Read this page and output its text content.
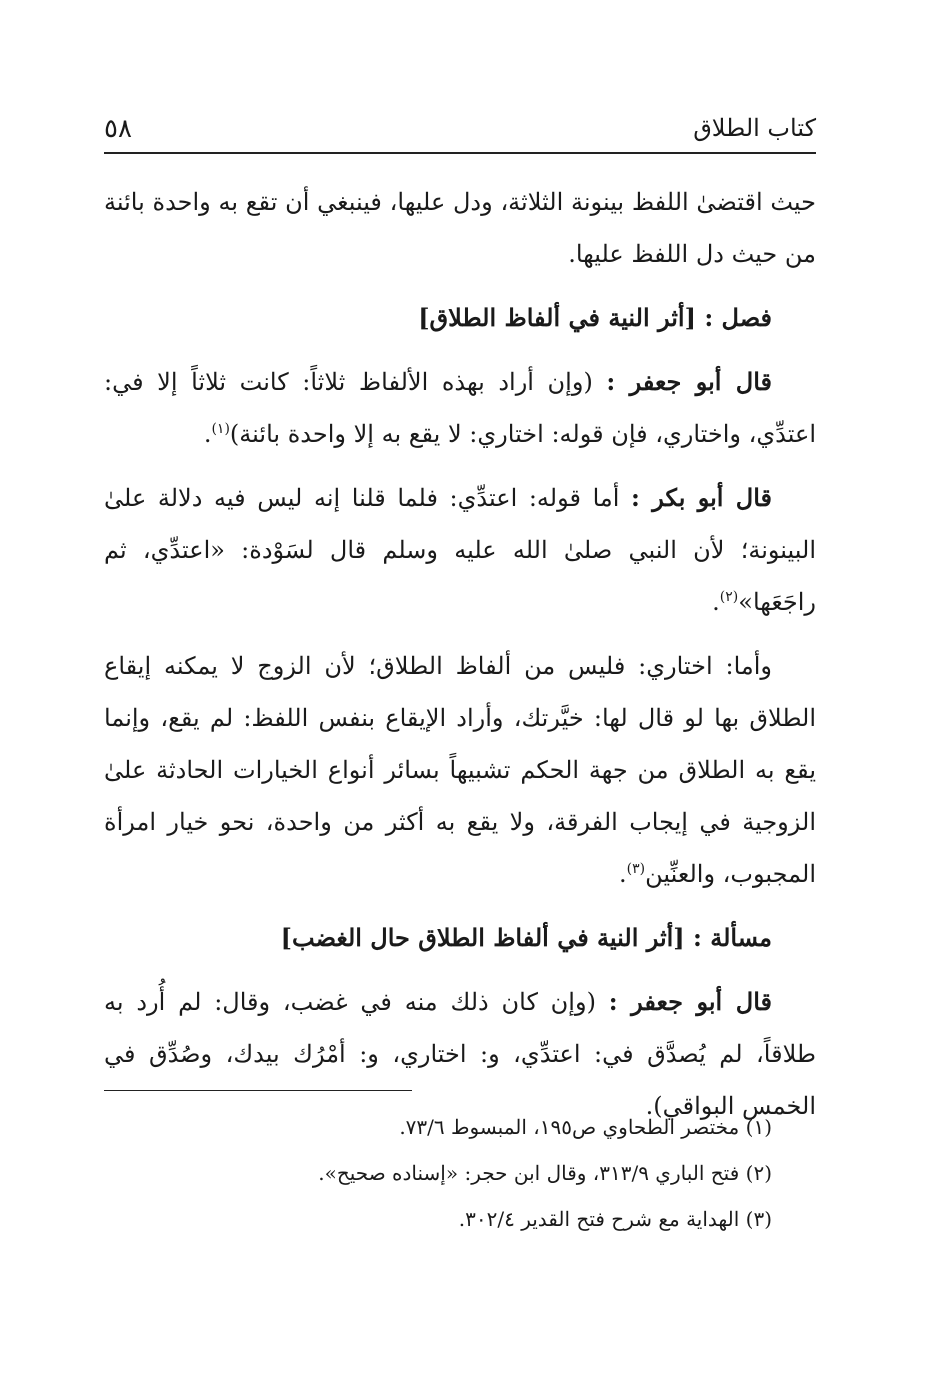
كتاب الطلاق
٥٨

حيث اقتضىٰ اللفظ بينونة الثلاثة، ودل عليها، فينبغي أن تقع به واحدة بائنة من حيث دل اللفظ عليها.

فصل : [أثر النية في ألفاظ الطلاق]

قال أبو جعفر : (وإن أراد بهذه الألفاظ ثلاثاً: كانت ثلاثاً إلا في: اعتدِّي، واختاري، فإن قوله: اختاري: لا يقع به إلا واحدة بائنة)$^{(١)}$.

قال أبو بكر : أما قوله: اعتدِّي: فلما قلنا إنه ليس فيه دلالة علىٰ البينونة؛ لأن النبي صلىٰ الله عليه وسلم قال لسَوْدة: «اعتدِّي، ثم راجَعَها»$^{(٢)}$.

وأما: اختاري: فليس من ألفاظ الطلاق؛ لأن الزوج لا يمكنه إيقاع الطلاق بها لو قال لها: خيَّرتك، وأراد الإيقاع بنفس اللفظ: لم يقع، وإنما يقع به الطلاق من جهة الحكم تشبيهاً بسائر أنواع الخيارات الحادثة علىٰ الزوجية في إيجاب الفرقة، ولا يقع به أكثر من واحدة، نحو خيار امرأة المجبوب، والعنِّين$^{(٣)}$.

مسألة : [أثر النية في ألفاظ الطلاق حال الغضب]

قال أبو جعفر : (وإن كان ذلك منه في غضب، وقال: لم أُرد به طلاقاً، لم يُصدَّق في: اعتدِّي، و: اختاري، و: أمْرُك بيدك، وصُدِّق في الخمس البواقي).

(١) مختصر الطحاوي ص١٩٥، المبسوط ٧٣/٦.
(٢) فتح الباري ٣١٣/٩، وقال ابن حجر: «إسناده صحيح».
(٣) الهداية مع شرح فتح القدير ٣٠٢/٤.
